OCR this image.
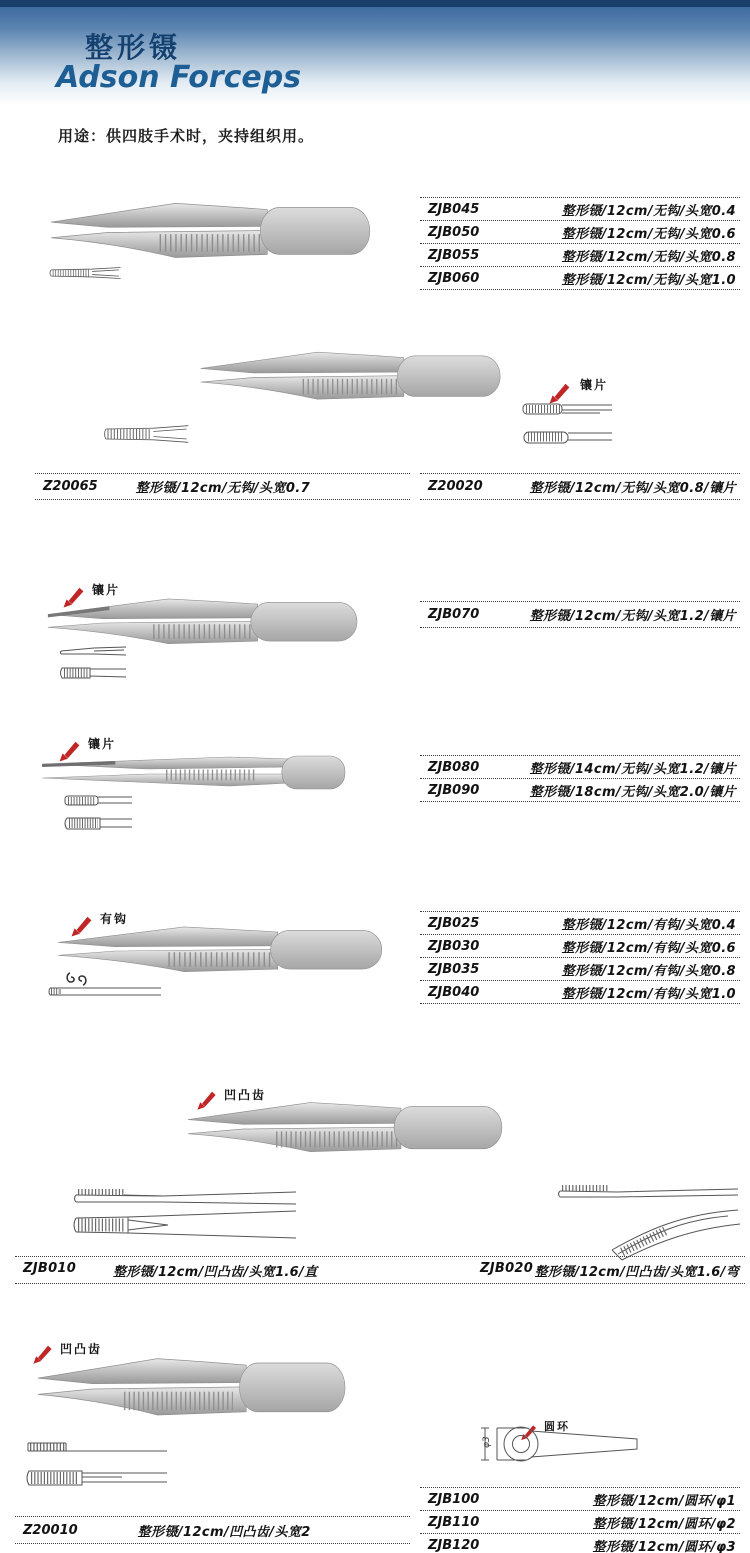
整形镊
Adson Forceps
用途：供四肢手术时，夹持组织用。
ZJB045	整形镊/12cm/无钩/头宽0.4
ZJB050	整形镊/12cm/无钩/头宽0.6
ZJB055	整形镊/12cm/无钩/头宽0.8
ZJB060	整形镊/12cm/无钩/头宽1.0
镶片
Z20065	整形镊/12cm/无钩/头宽0.7	Z20020	整形镊/12cm/无钩/头宽0.8/镶片
镶片
ZJB070	整形镊/12cm/无钩/头宽1.2/镶片
镶片
ZJB080	整形镊/14cm/无钩/头宽1.2/镶片
ZJB090	整形镊/18cm/无钩/头宽2.0/镶片
有钩	ZJB025	整形镊/12cm/有钩/头宽0.4
ZJB030	整形镊/12cm/有钩/头宽0.6
ZJB035	整形镊/12cm/有钩/头宽0.8
ZJB040	整形镊/12cm/有钩/头宽1.0
凹凸齿
ZJB010	整形镊/12cm/凹凸齿/头宽1.6/直	ZJB020 整形镊/12cm/凹凸齿/头宽1.6/弯
凹凸齿
圆环
φ3
Z20010	整形镊/12cm/凹凸齿/头宽2
ZJB100	整形镊/12cm/圆环/φ1
ZJB110	整形镊/12cm/圆环/φ2
ZJB120	整形镊/12cm/圆环/φ3
